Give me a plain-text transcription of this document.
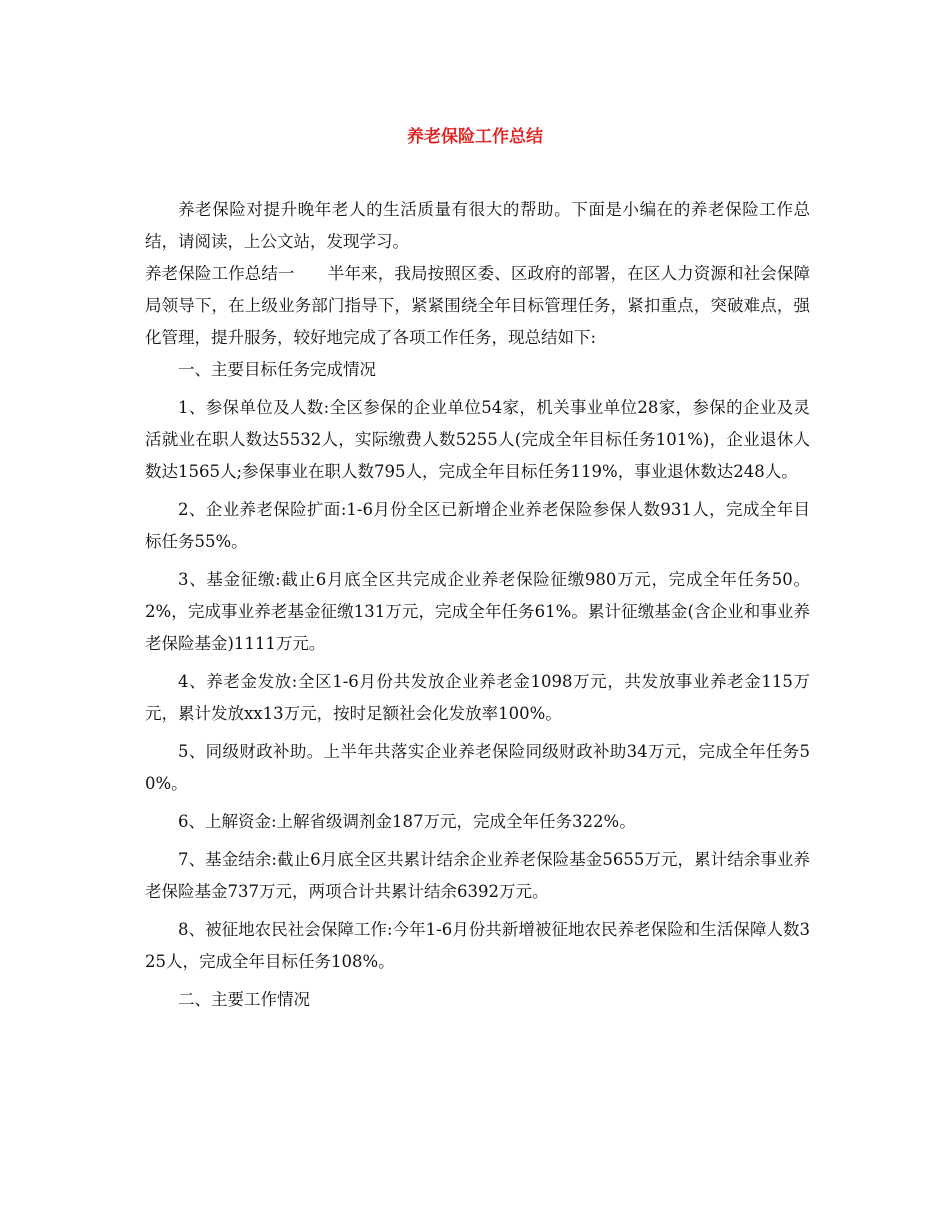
养老保险工作总结

养老保险对提升晚年老人的生活质量有很大的帮助。下面是小编在的养老保险工作总结，请阅读，上公文站，发现学习。

养老保险工作总结一　　半年来，我局按照区委、区政府的部署，在区人力资源和社会保障局领导下，在上级业务部门指导下，紧紧围绕全年目标管理任务，紧扣重点，突破难点，强化管理，提升服务，较好地完成了各项工作任务，现总结如下:

一、主要目标任务完成情况

1、参保单位及人数:全区参保的企业单位54家，机关事业单位28家，参保的企业及灵活就业在职人数达5532人，实际缴费人数5255人(完成全年目标任务101%)，企业退休人数达1565人;参保事业在职人数795人，完成全年目标任务119%，事业退休数达248人。

2、企业养老保险扩面:1-6月份全区已新增企业养老保险参保人数931人，完成全年目标任务55%。

3、基金征缴:截止6月底全区共完成企业养老保险征缴980万元，完成全年任务50。2%，完成事业养老基金征缴131万元，完成全年任务61%。累计征缴基金(含企业和事业养老保险基金)1111万元。

4、养老金发放:全区1-6月份共发放企业养老金1098万元，共发放事业养老金115万元，累计发放xx13万元，按时足额社会化发放率100%。

5、同级财政补助。上半年共落实企业养老保险同级财政补助34万元，完成全年任务50%。

6、上解资金:上解省级调剂金187万元，完成全年任务322%。

7、基金结余:截止6月底全区共累计结余企业养老保险基金5655万元，累计结余事业养老保险基金737万元，两项合计共累计结余6392万元。

8、被征地农民社会保障工作:今年1-6月份共新增被征地农民养老保险和生活保障人数325人，完成全年目标任务108%。

二、主要工作情况
